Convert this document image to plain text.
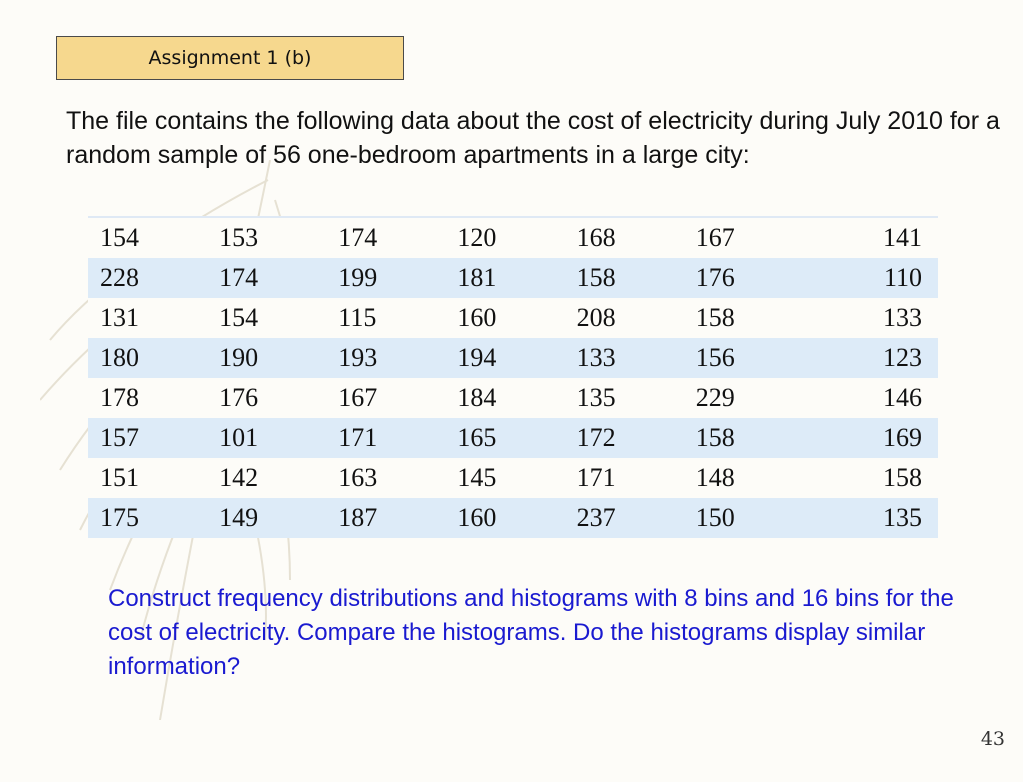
Assignment 1 (b)
The file contains the following data about the cost of electricity during July 2010 for a random sample of 56 one-bedroom apartments in a large city:
154	153	174	120	168	167	141
228	174	199	181	158	176	110
131	154	115	160	208	158	133
180	190	193	194	133	156	123
178	176	167	184	135	229	146
157	101	171	165	172	158	169
151	142	163	145	171	148	158
175	149	187	160	237	150	135
Construct frequency distributions and histograms with 8 bins and 16 bins for the cost of electricity. Compare the histograms. Do the histograms display similar information?
43
